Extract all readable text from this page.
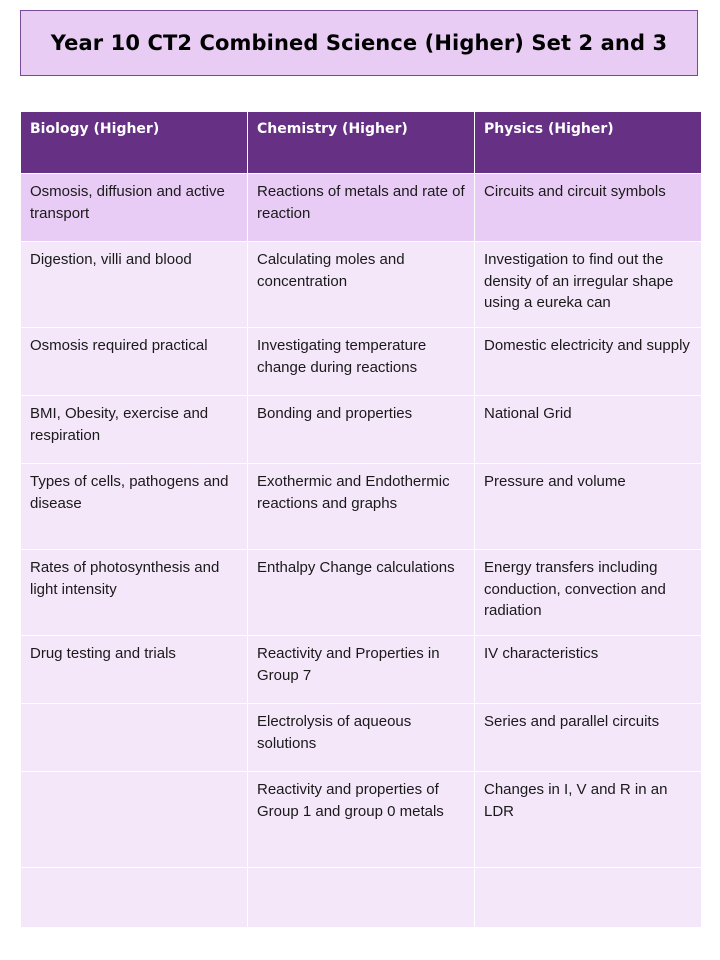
Year 10 CT2 Combined Science (Higher) Set 2 and 3
Biology (Higher)	Chemistry (Higher)	Physics (Higher)
Osmosis, diffusion and active transport	Reactions of metals and rate of reaction	Circuits and circuit symbols
Digestion, villi and blood	Calculating moles and concentration	Investigation to find out the density of an irregular shape using a eureka can
Osmosis required practical	Investigating temperature change during reactions	Domestic electricity and supply
BMI, Obesity, exercise and respiration	Bonding and properties	National Grid
Types of cells, pathogens and disease	Exothermic and Endothermic reactions and graphs	Pressure and volume
Rates of photosynthesis and light intensity	Enthalpy Change calculations	Energy transfers including conduction, convection and radiation
Drug testing and trials	Reactivity and Properties in Group 7	IV characteristics
	Electrolysis of aqueous solutions	Series and parallel circuits
	Reactivity and properties of Group 1 and group 0 metals	Changes in I, V and R in an LDR
